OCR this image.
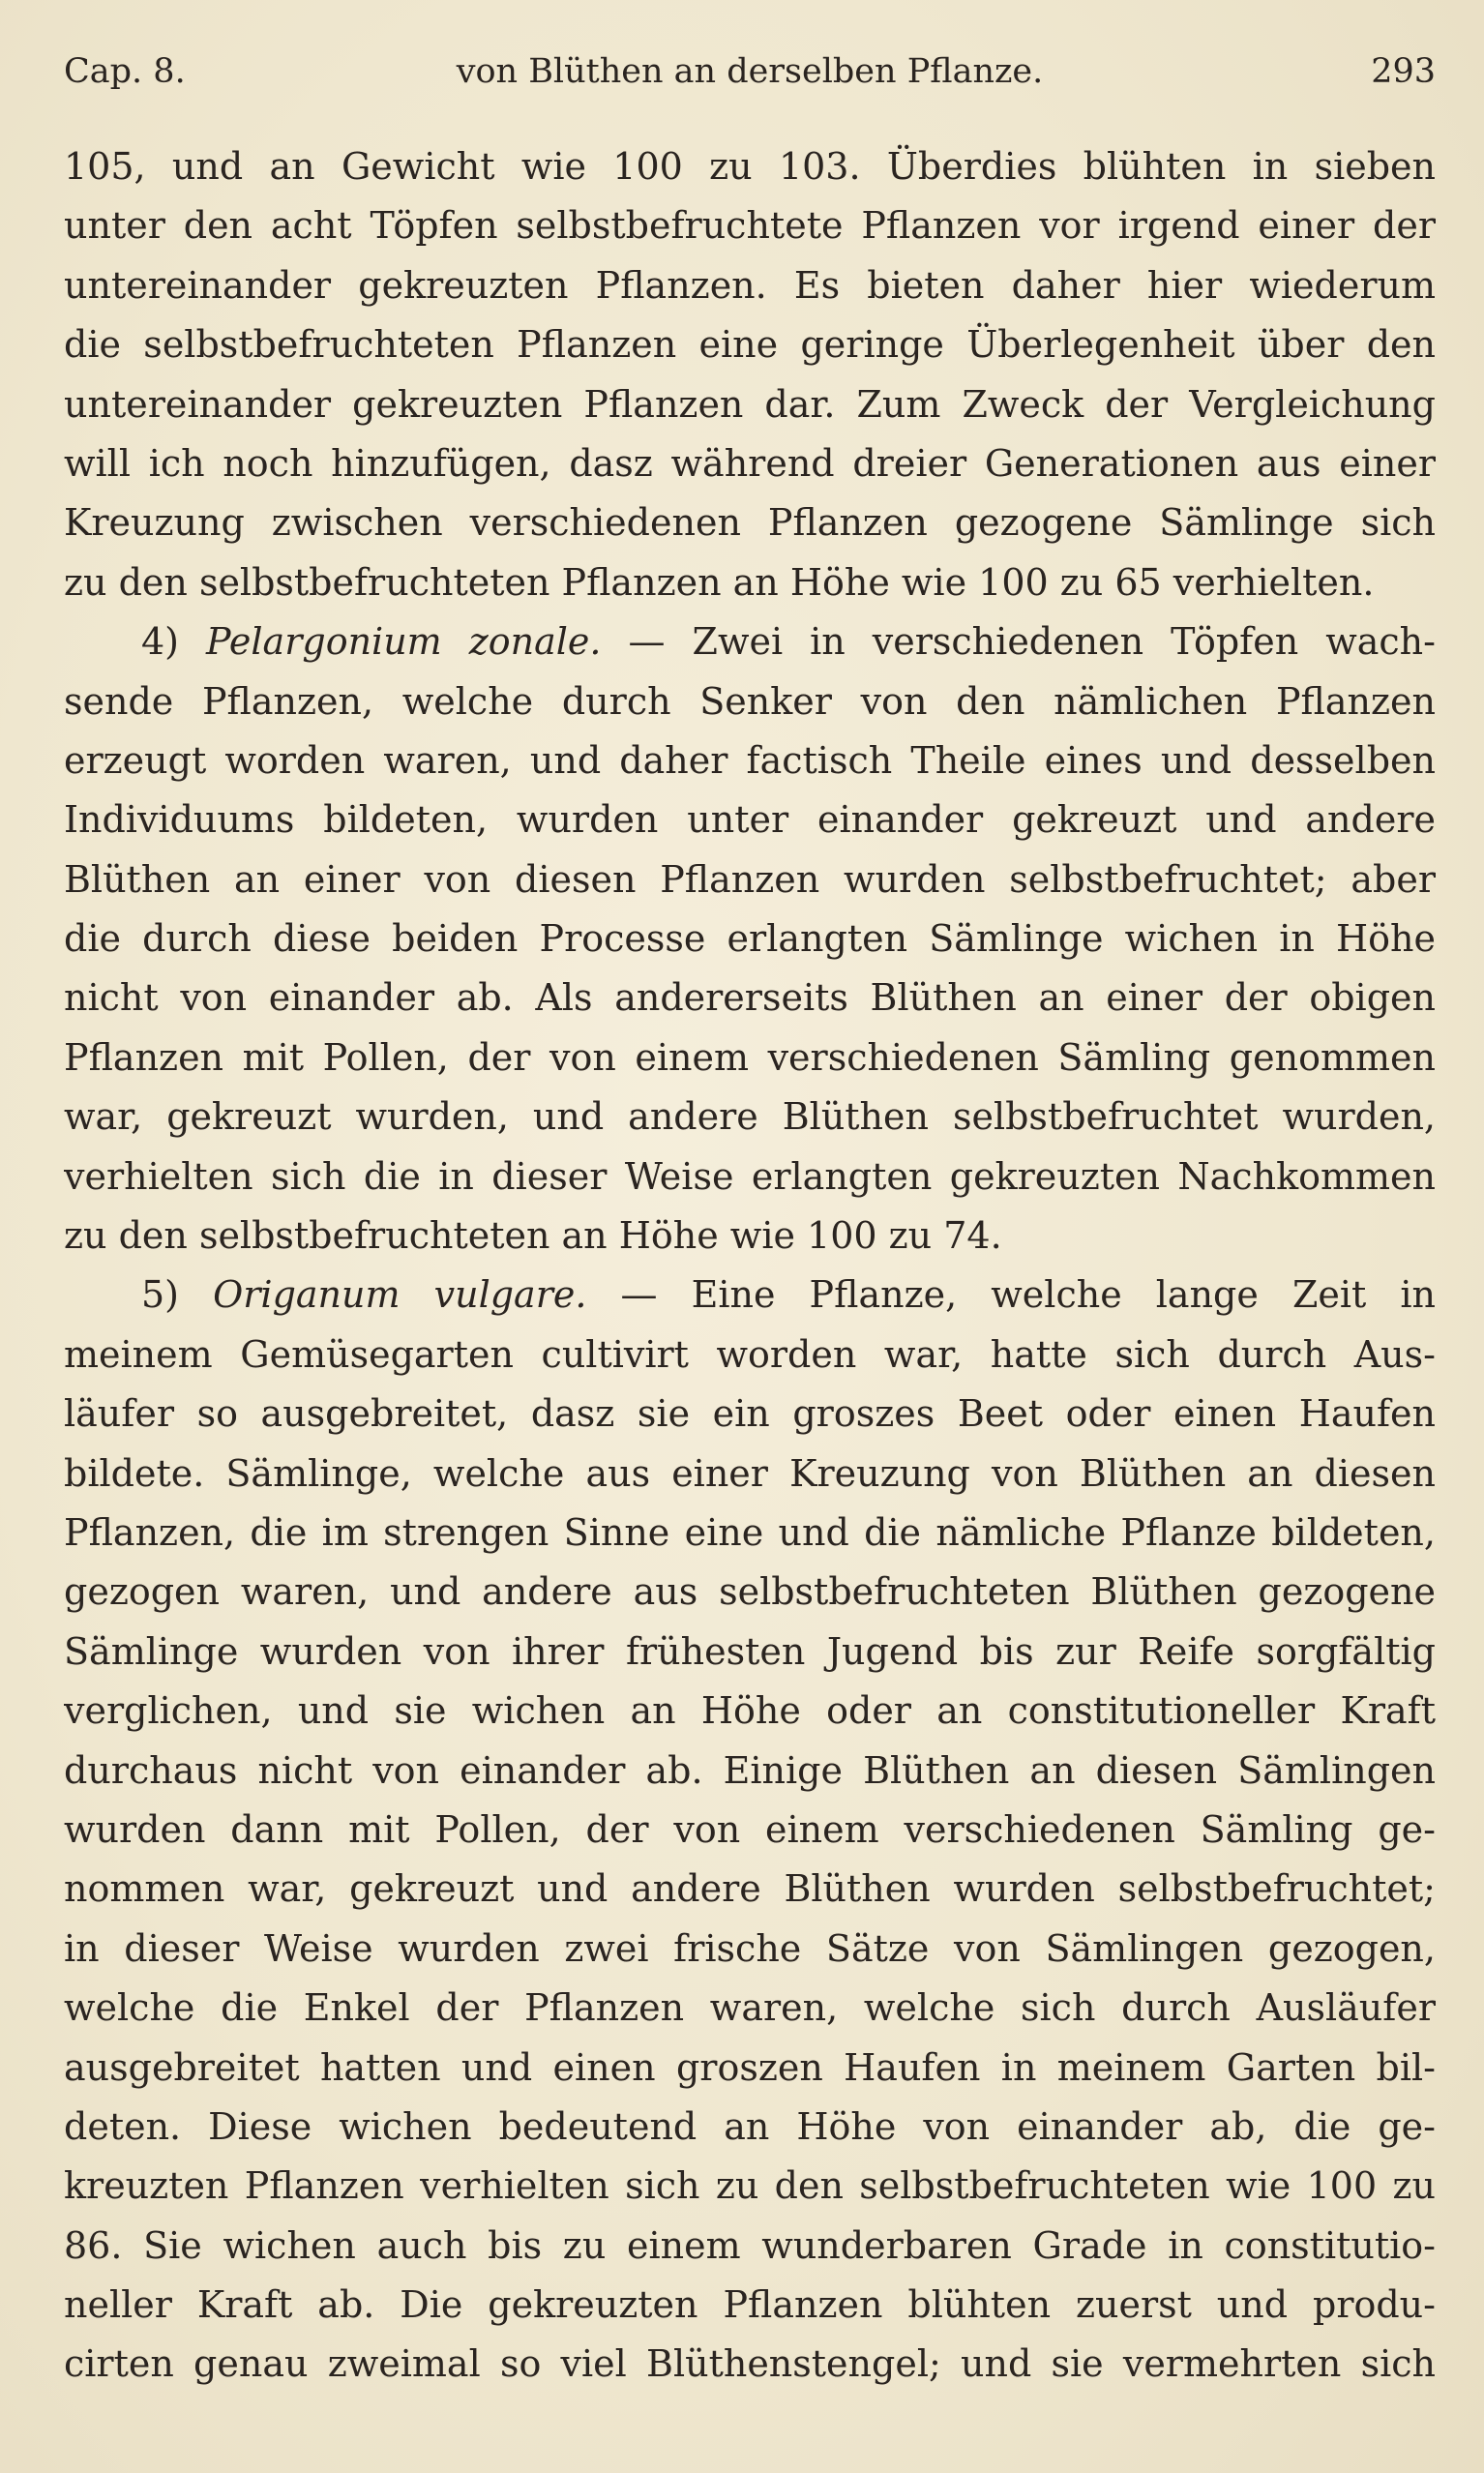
Cap. 8.	von Blüthen an derselben Pflanze.	293
105, und an Gewicht wie 100 zu 103. Überdies blühten in sieben
unter den acht Töpfen selbstbefruchtete Pflanzen vor irgend einer der
untereinander gekreuzten Pflanzen. Es bieten daher hier wiederum
die selbstbefruchteten Pflanzen eine geringe Überlegenheit über den
untereinander gekreuzten Pflanzen dar. Zum Zweck der Vergleichung
will ich noch hinzufügen, dasz während dreier Generationen aus einer
Kreuzung zwischen verschiedenen Pflanzen gezogene Sämlinge sich
zu den selbstbefruchteten Pflanzen an Höhe wie 100 zu 65 verhielten.
4) Pelargonium zonale. — Zwei in verschiedenen Töpfen wach-
sende Pflanzen, welche durch Senker von den nämlichen Pflanzen
erzeugt worden waren, und daher factisch Theile eines und desselben
Individuums bildeten, wurden unter einander gekreuzt und andere
Blüthen an einer von diesen Pflanzen wurden selbstbefruchtet; aber
die durch diese beiden Processe erlangten Sämlinge wichen in Höhe
nicht von einander ab. Als andererseits Blüthen an einer der obigen
Pflanzen mit Pollen, der von einem verschiedenen Sämling genommen
war, gekreuzt wurden, und andere Blüthen selbstbefruchtet wurden,
verhielten sich die in dieser Weise erlangten gekreuzten Nachkommen
zu den selbstbefruchteten an Höhe wie 100 zu 74.
5) Origanum vulgare. — Eine Pflanze, welche lange Zeit in
meinem Gemüsegarten cultivirt worden war, hatte sich durch Aus-
läufer so ausgebreitet, dasz sie ein groszes Beet oder einen Haufen
bildete. Sämlinge, welche aus einer Kreuzung von Blüthen an diesen
Pflanzen, die im strengen Sinne eine und die nämliche Pflanze bildeten,
gezogen waren, und andere aus selbstbefruchteten Blüthen gezogene
Sämlinge wurden von ihrer frühesten Jugend bis zur Reife sorgfältig
verglichen, und sie wichen an Höhe oder an constitutioneller Kraft
durchaus nicht von einander ab. Einige Blüthen an diesen Sämlingen
wurden dann mit Pollen, der von einem verschiedenen Sämling ge-
nommen war, gekreuzt und andere Blüthen wurden selbstbefruchtet;
in dieser Weise wurden zwei frische Sätze von Sämlingen gezogen,
welche die Enkel der Pflanzen waren, welche sich durch Ausläufer
ausgebreitet hatten und einen groszen Haufen in meinem Garten bil-
deten. Diese wichen bedeutend an Höhe von einander ab, die ge-
kreuzten Pflanzen verhielten sich zu den selbstbefruchteten wie 100 zu
86. Sie wichen auch bis zu einem wunderbaren Grade in constitutio-
neller Kraft ab. Die gekreuzten Pflanzen blühten zuerst und produ-
cirten genau zweimal so viel Blüthenstengel; und sie vermehrten sich
